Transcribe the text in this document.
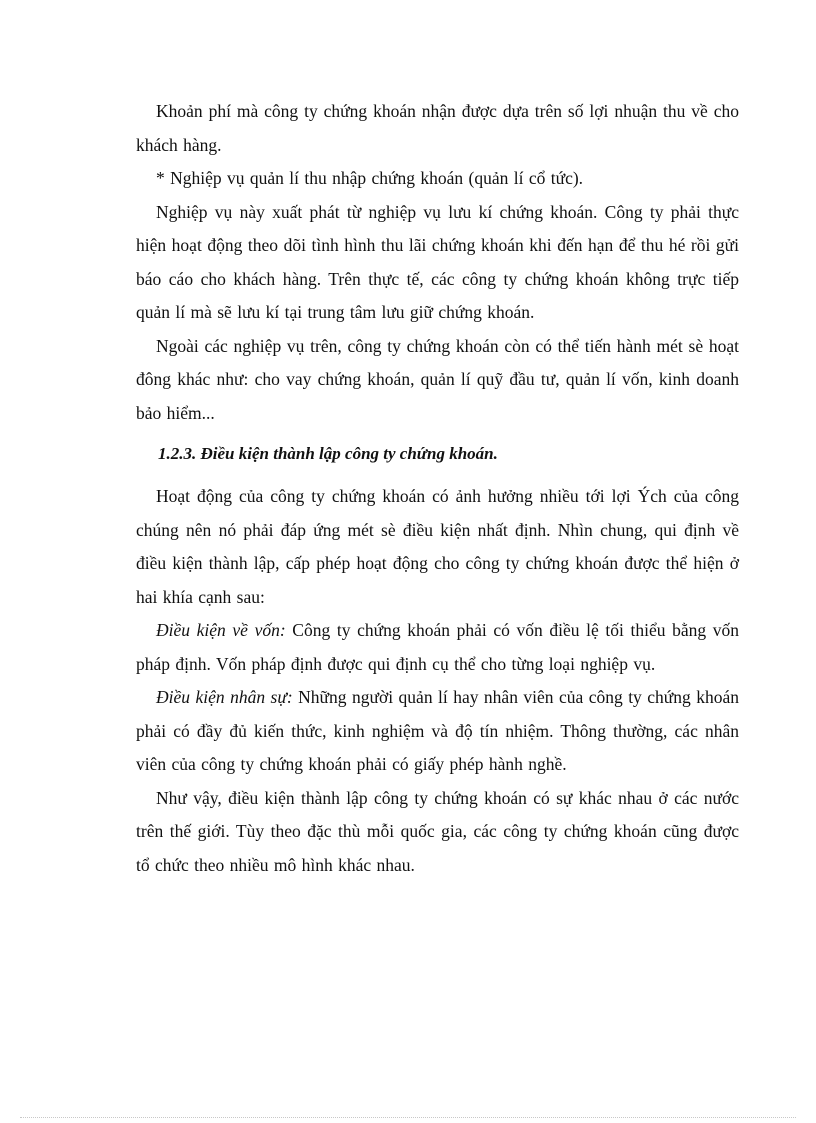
Khoản phí mà công ty chứng khoán nhận được dựa trên số lợi nhuận thu về cho khách hàng.

* Nghiệp vụ quản lí thu nhập chứng khoán (quản lí cổ tức).

Nghiệp vụ này xuất phát từ nghiệp vụ lưu kí chứng khoán. Công ty phải thực hiện hoạt động theo dõi tình hình thu lãi chứng khoán khi đến hạn để thu hé rồi gửi báo cáo cho khách hàng. Trên thực tế, các công ty chứng khoán không trực tiếp quản lí mà sẽ lưu kí tại trung tâm lưu giữ chứng khoán.

Ngoài các nghiệp vụ trên, công ty chứng khoán còn có thể tiến hành mét sè hoạt đông khác như: cho vay chứng khoán, quản lí quỹ đầu tư, quản lí vốn, kinh doanh bảo hiểm...

1.2.3. Điều kiện thành lập công ty chứng khoán.

Hoạt động của công ty chứng khoán có ảnh hưởng nhiều tới lợi Ých của công chúng nên nó phải đáp ứng mét sè điều kiện nhất định. Nhìn chung, qui định về điều kiện thành lập, cấp phép hoạt động cho công ty chứng khoán được thể hiện ở hai khía cạnh sau:

Điều kiện về vốn: Công ty chứng khoán phải có vốn điều lệ tối thiểu bằng vốn pháp định. Vốn pháp định được qui định cụ thể cho từng loại nghiệp vụ.

Điều kiện nhân sự: Những người quản lí hay nhân viên của công ty chứng khoán phải có đầy đủ kiến thức, kinh nghiệm và độ tín nhiệm. Thông thường, các nhân viên của công ty chứng khoán phải có giấy phép hành nghề.

Như vậy, điều kiện thành lập công ty chứng khoán có sự khác nhau ở các nước trên thế giới. Tùy theo đặc thù mỗi quốc gia, các công ty chứng khoán cũng được tổ chức theo nhiều mô hình khác nhau.
